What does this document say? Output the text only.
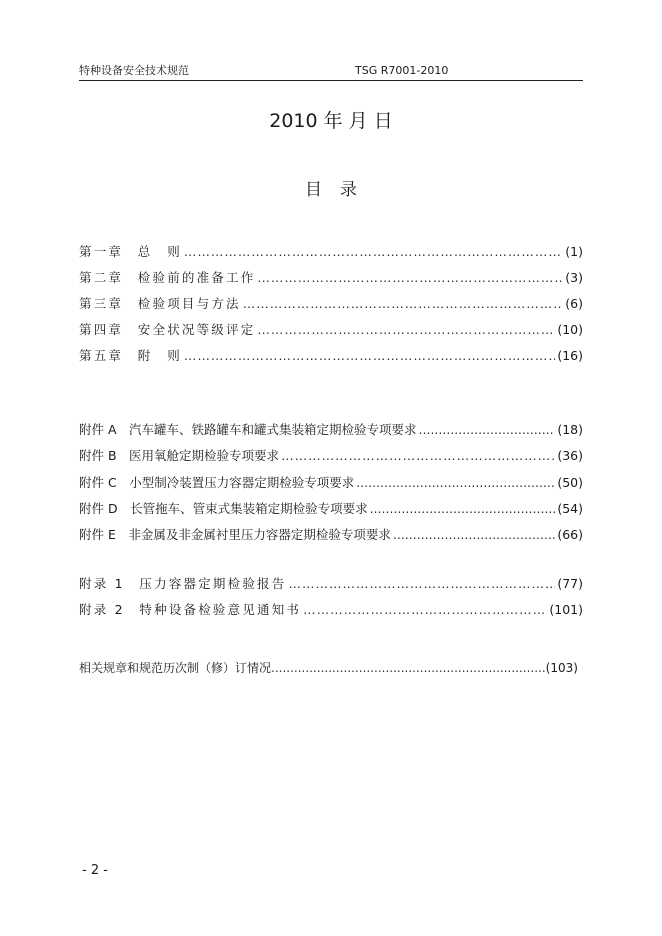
特种设备安全技术规范	TSG R7001-2010
2010 年 月 日
目录
第一章　总　则 …………………………………………………………………………………………………………………………………………………………………………………………	(1)
第二章　检验前的准备工作 …………………………………………………………………………………………………………………………………………………………………………………………	(3)
第三章　检验项目与方法 …………………………………………………………………………………………………………………………………………………………………………………………	(6)
第四章　安全状况等级评定 …………………………………………………………………………………………………………………………………………………………………………………………	(10)
第五章　附　则 …………………………………………………………………………………………………………………………………………………………………………………………	(16)
附件 A　汽车罐车、铁路罐车和罐式集装箱定期检验专项要求 .....	(18)
附件 B　医用氧舱定期检验专项要求 …………………………………………………………………………………………………………………………………………………………………………………………	(36)
附件 C　小型制冷装置压力容器定期检验专项要求 .....	(50)
附件 D　长管拖车、管束式集装箱定期检验专项要求 .....	(54)
附件 E　非金属及非金属衬里压力容器定期检验专项要求 .....	(66)
附录 1　压力容器定期检验报告 …………………………………………………………………………………………………………………………………………………………………………………………	(77)
附录 2　特种设备检验意见通知书 …………………………………………………………………………………………………………………………………………………………………………………………	(101)
相关规章和规范历次制（修）订情况........................................................................(103)
- 2 -
